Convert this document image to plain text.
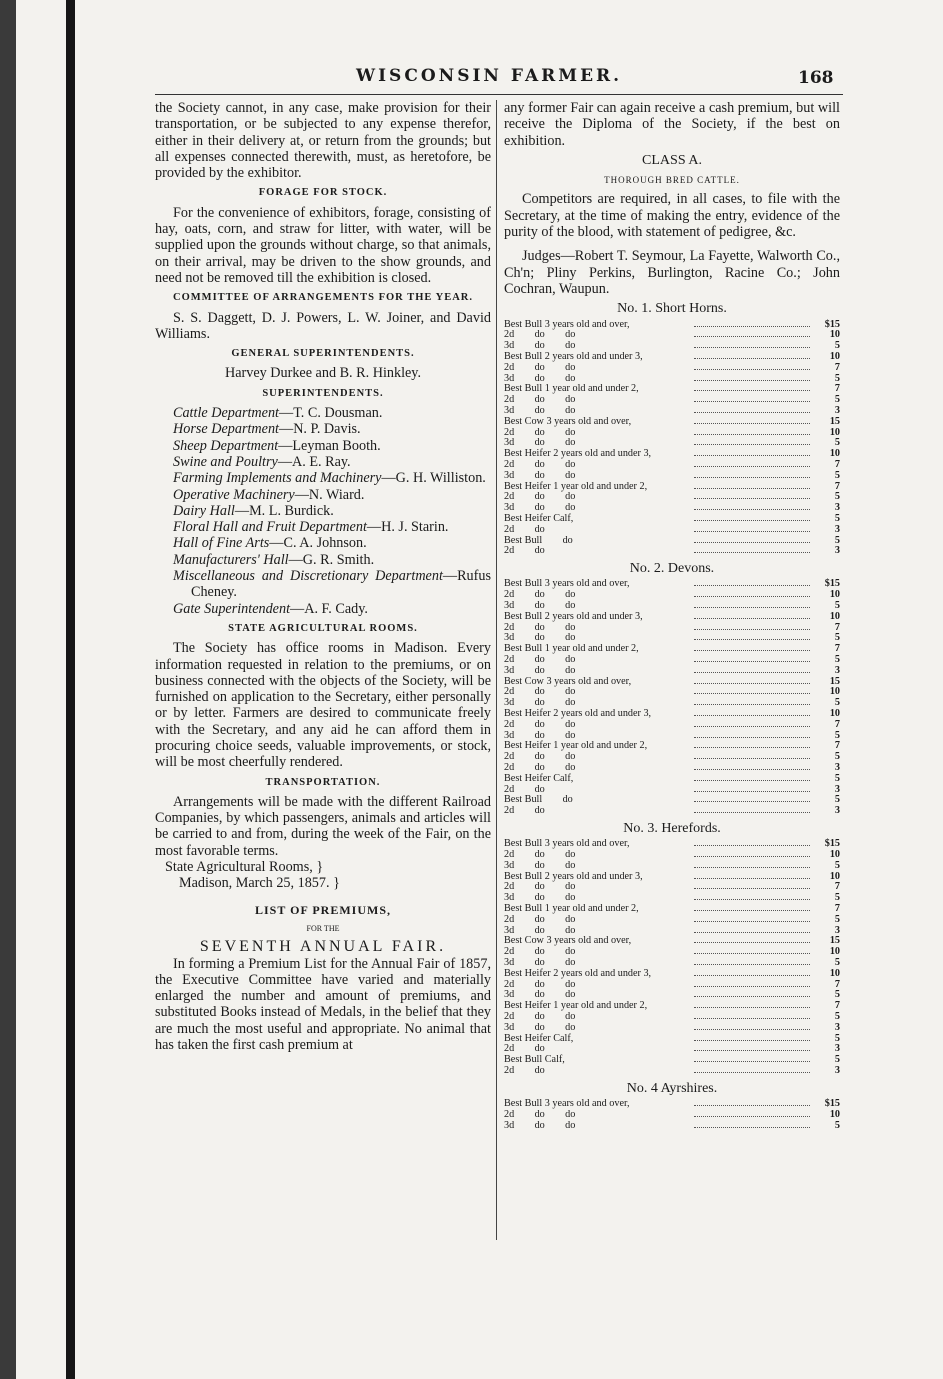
WISCONSIN FARMER.	168

the Society cannot, in any case, make provision for their transportation, or be subjected to any expense therefor, either in their delivery at, or return from the grounds; but all expenses connected therewith, must, as heretofore, be provided by the exhibitor.

FORAGE FOR STOCK.

For the convenience of exhibitors, forage, consisting of hay, oats, corn, and straw for litter, with water, will be supplied upon the grounds without charge, so that animals, on their arrival, may be driven to the show grounds, and need not be removed till the exhibition is closed.

COMMITTEE OF ARRANGEMENTS FOR THE YEAR.

S. S. Daggett, D. J. Powers, L. W. Joiner, and David Williams.

GENERAL SUPERINTENDENTS.

Harvey Durkee and B. R. Hinkley.

SUPERINTENDENTS.

Cattle Department—T. C. Dousman.

Horse Department—N. P. Davis.

Sheep Department—Leyman Booth.

Swine and Poultry—A. E. Ray.

Farming Implements and Machinery—G. H. Williston.

Operative Machinery—N. Wiard.

Dairy Hall—M. L. Burdick.

Floral Hall and Fruit Department—H. J. Starin.

Hall of Fine Arts—C. A. Johnson.

Manufacturers' Hall—G. R. Smith.

Miscellaneous and Discretionary Department—Rufus Cheney.

Gate Superintendent—A. F. Cady.

STATE AGRICULTURAL ROOMS.

The Society has office rooms in Madison. Every information requested in relation to the premiums, or on business connected with the objects of the Society, will be furnished on application to the Secretary, either personally or by letter. Farmers are desired to communicate freely with the Secretary, and any aid he can afford them in procuring choice seeds, valuable improvements, or stock, will be most cheerfully rendered.

TRANSPORTATION.

Arrangements will be made with the different Railroad Companies, by which passengers, animals and articles will be carried to and from, during the week of the Fair, on the most favorable terms.

State Agricultural Rooms, }
Madison, March 25, 1857. }
LIST OF PREMIUMS,
FOR THE
SEVENTH ANNUAL FAIR.

In forming a Premium List for the Annual Fair of 1857, the Executive Committee have varied and materially enlarged the number and amount of premiums, and substituted Books instead of Medals, in the belief that they are much the most useful and appropriate. No animal that has taken the first cash premium at

any former Fair can again receive a cash premium, but will receive the Diploma of the Society, if the best on exhibition.

CLASS A.
THOROUGH BRED CATTLE.

Competitors are required, in all cases, to file with the Secretary, at the time of making the entry, evidence of the purity of the blood, with statement of pedigree, &c.

Judges—Robert T. Seymour, La Fayette, Walworth Co., Ch'n; Pliny Perkins, Burlington, Racine Co.; John Cochran, Waupun.

No. 1. Short Horns.
Best Bull 3 years old and over,		$15
2d  do  do		10
3d  do  do		5
Best Bull 2 years old and under 3,		10
2d  do  do		7
3d  do  do		5
Best Bull 1 year old and under 2,		7
2d  do  do		5
3d  do  do		3
Best Cow 3 years old and over,		15
2d  do  do		10
3d  do  do		5
Best Heifer 2 years old and under 3,		10
2d  do  do		7
3d  do  do		5
Best Heifer 1 year old and under 2,		7
2d  do  do		5
3d  do  do		3
Best Heifer Calf,		5
2d  do		3
Best Bull  do		5
2d  do		3
No. 2. Devons.
Best Bull 3 years old and over,		$15
2d  do  do		10
3d  do  do		5
Best Bull 2 years old and under 3,		10
2d  do  do		7
3d  do  do		5
Best Bull 1 year old and under 2,		7
2d  do  do		5
3d  do  do		3
Best Cow 3 years old and over,		15
2d  do  do		10
3d  do  do		5
Best Heifer 2 years old and under 3,		10
2d  do  do		7
3d  do  do		5
Best Heifer 1 year old and under 2,		7
2d  do  do		5
2d  do  do		3
Best Heifer Calf,		5
2d  do		3
Best Bull  do		5
2d  do		3
No. 3. Herefords.
Best Bull 3 years old and over,		$15
2d  do  do		10
3d  do  do		5
Best Bull 2 years old and under 3,		10
2d  do  do		7
3d  do  do		5
Best Bull 1 year old and under 2,		7
2d  do  do		5
3d  do  do		3
Best Cow 3 years old and over,		15
2d  do  do		10
3d  do  do		5
Best Heifer 2 years old and under 3,		10
2d  do  do		7
3d  do  do		5
Best Heifer 1 year old and under 2,		7
2d  do  do		5
3d  do  do		3
Best Heifer Calf,		5
2d  do		3
Best Bull Calf,		5
2d  do		3
No. 4 Ayrshires.
Best Bull 3 years old and over,		$15
2d  do  do		10
3d  do  do		5
